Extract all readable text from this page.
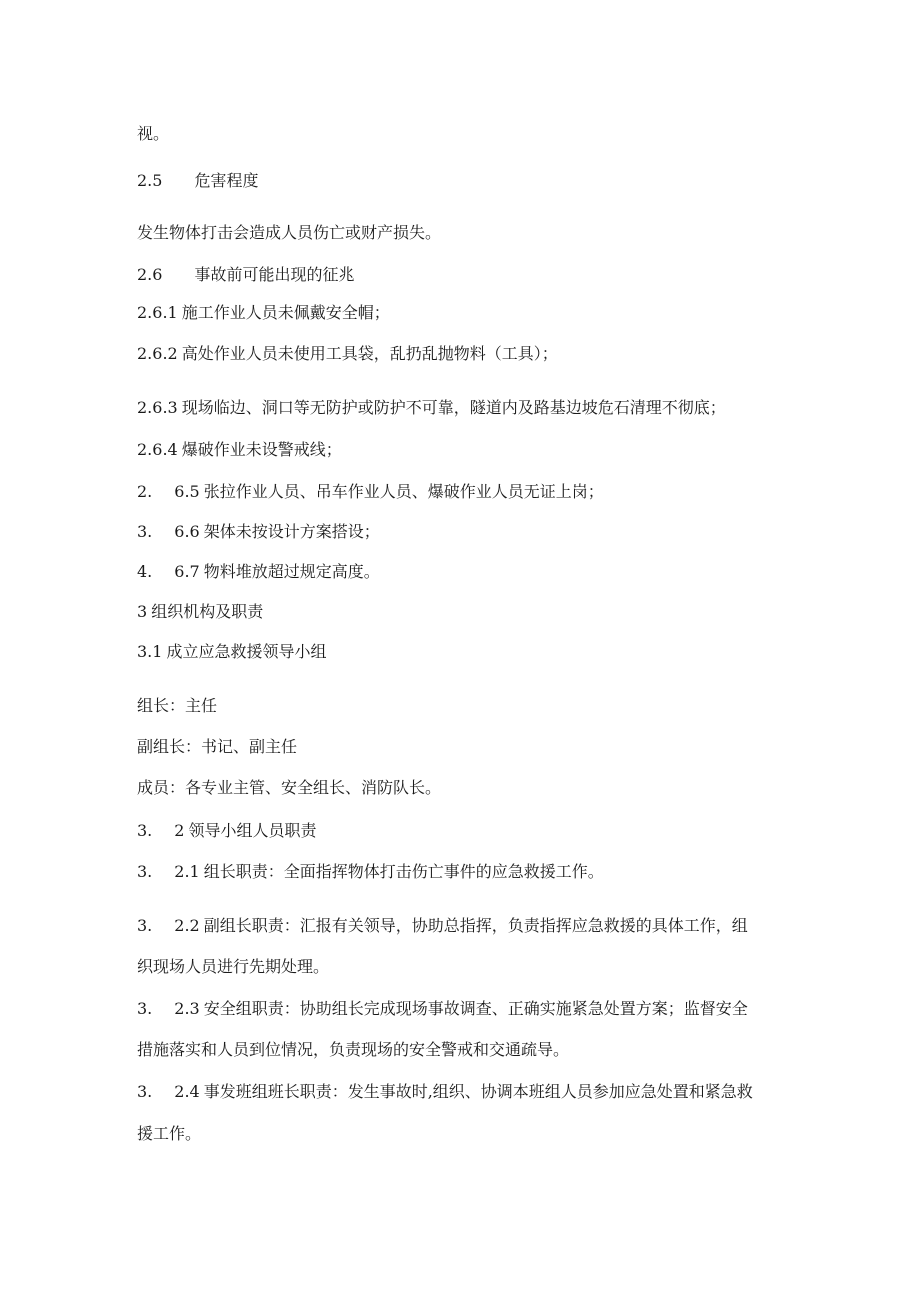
视。
2.5 危害程度
发生物体打击会造成人员伤亡或财产损失。
2.6 事故前可能出现的征兆
2.6.1 施工作业人员未佩戴安全帽；
2.6.2 高处作业人员未使用工具袋，乱扔乱抛物料（工具）；
2.6.3 现场临边、洞口等无防护或防护不可靠，隧道内及路基边坡危石清理不彻底；
2.6.4 爆破作业未设警戒线；
2. 6.5 张拉作业人员、吊车作业人员、爆破作业人员无证上岗；
3. 6.6 架体未按设计方案搭设；
4. 6.7 物料堆放超过规定高度。
3 组织机构及职责
3.1 成立应急救援领导小组
组长：主任
副组长：书记、副主任
成员：各专业主管、安全组长、消防队长。
3. 2 领导小组人员职责
3. 2.1 组长职责：全面指挥物体打击伤亡事件的应急救援工作。
3. 2.2 副组长职责：汇报有关领导，协助总指挥，负责指挥应急救援的具体工作，组
织现场人员进行先期处理。
3. 2.3 安全组职责：协助组长完成现场事故调查、正确实施紧急处置方案；监督安全
措施落实和人员到位情况，负责现场的安全警戒和交通疏导。
3. 2.4 事发班组班长职责：发生事故时,组织、协调本班组人员参加应急处置和紧急救
援工作。
